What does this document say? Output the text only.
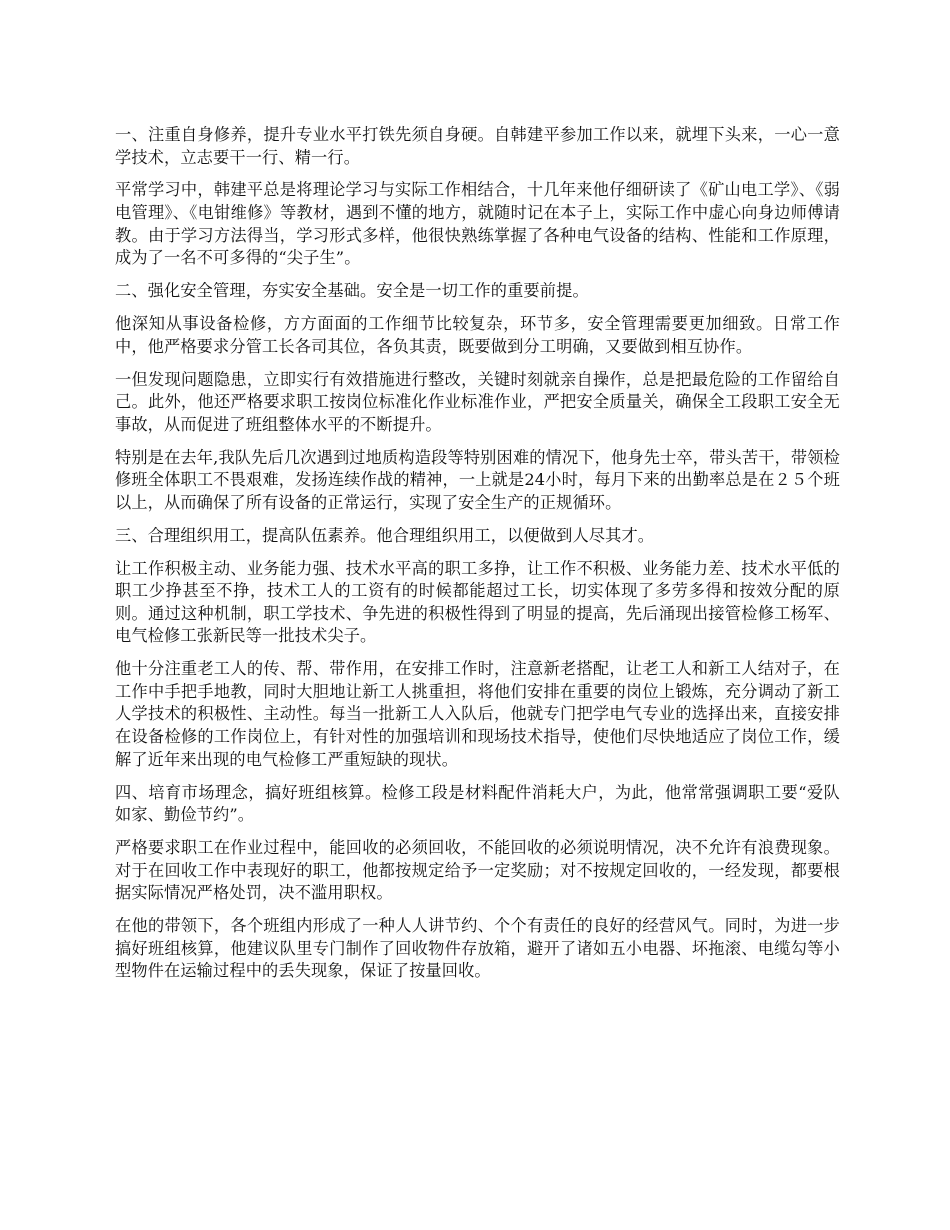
一、注重自身修养，提升专业水平打铁先须自身硬。自韩建平参加工作以来，就埋下头来，一心一意学技术，立志要干一行、精一行。

平常学习中，韩建平总是将理论学习与实际工作相结合，十几年来他仔细研读了《矿山电工学》、《弱电管理》、《电钳维修》等教材，遇到不懂的地方，就随时记在本子上，实际工作中虚心向身边师傅请教。由于学习方法得当，学习形式多样，他很快熟练掌握了各种电气设备的结构、性能和工作原理，成为了一名不可多得的“尖子生”。

二、强化安全管理，夯实安全基础。安全是一切工作的重要前提。

他深知从事设备检修，方方面面的工作细节比较复杂，环节多，安全管理需要更加细致。日常工作中，他严格要求分管工长各司其位，各负其责，既要做到分工明确，又要做到相互协作。

一但发现问题隐患，立即实行有效措施进行整改，关键时刻就亲自操作，总是把最危险的工作留给自己。此外，他还严格要求职工按岗位标准化作业标准作业，严把安全质量关，确保全工段职工安全无事故，从而促进了班组整体水平的不断提升。

特别是在去年,我队先后几次遇到过地质构造段等特别困难的情况下，他身先士卒，带头苦干，带领检修班全体职工不畏艰难，发扬连续作战的精神，一上就是24小时，每月下来的出勤率总是在２５个班以上，从而确保了所有设备的正常运行，实现了安全生产的正规循环。

三、合理组织用工，提高队伍素养。他合理组织用工，以便做到人尽其才。

让工作积极主动、业务能力强、技术水平高的职工多挣，让工作不积极、业务能力差、技术水平低的职工少挣甚至不挣，技术工人的工资有的时候都能超过工长，切实体现了多劳多得和按效分配的原则。通过这种机制，职工学技术、争先进的积极性得到了明显的提高，先后涌现出接管检修工杨军、电气检修工张新民等一批技术尖子。

他十分注重老工人的传、帮、带作用，在安排工作时，注意新老搭配，让老工人和新工人结对子，在工作中手把手地教，同时大胆地让新工人挑重担，将他们安排在重要的岗位上锻炼，充分调动了新工人学技术的积极性、主动性。每当一批新工人入队后，他就专门把学电气专业的选择出来，直接安排在设备检修的工作岗位上，有针对性的加强培训和现场技术指导，使他们尽快地适应了岗位工作，缓解了近年来出现的电气检修工严重短缺的现状。

四、培育市场理念，搞好班组核算。检修工段是材料配件消耗大户，为此，他常常强调职工要“爱队如家、勤俭节约”。

严格要求职工在作业过程中，能回收的必须回收，不能回收的必须说明情况，决不允许有浪费现象。对于在回收工作中表现好的职工，他都按规定给予一定奖励；对不按规定回收的，一经发现，都要根据实际情况严格处罚，决不滥用职权。

在他的带领下，各个班组内形成了一种人人讲节约、个个有责任的良好的经营风气。同时，为进一步搞好班组核算，他建议队里专门制作了回收物件存放箱，避开了诸如五小电器、坏拖滚、电缆勾等小型物件在运输过程中的丢失现象，保证了按量回收。
